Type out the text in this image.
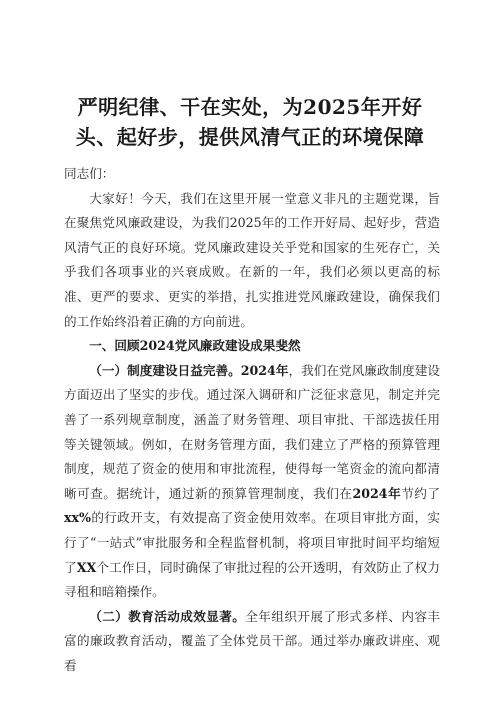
严明纪律、干在实处，为2025年开好头、起好步，提供风清气正的环境保障

同志们：

大家好！今天，我们在这里开展一堂意义非凡的主题党课，旨在聚焦党风廉政建设，为我们2025年的工作开好局、起好步，营造风清气正的良好环境。党风廉政建设关乎党和国家的生死存亡，关乎我们各项事业的兴衰成败。在新的一年，我们必须以更高的标准、更严的要求、更实的举措，扎实推进党风廉政建设，确保我们的工作始终沿着正确的方向前进。

一、回顾2024党风廉政建设成果斐然

（一）制度建设日益完善。2024年，我们在党风廉政制度建设方面迈出了坚实的步伐。通过深入调研和广泛征求意见，制定并完善了一系列规章制度，涵盖了财务管理、项目审批、干部选拔任用等关键领域。例如，在财务管理方面，我们建立了严格的预算管理制度，规范了资金的使用和审批流程，使得每一笔资金的流向都清晰可查。据统计，通过新的预算管理制度，我们在2024年节约了xx%的行政开支，有效提高了资金使用效率。在项目审批方面，实行了“一站式”审批服务和全程监督机制，将项目审批时间平均缩短了XX个工作日，同时确保了审批过程的公开透明，有效防止了权力寻租和暗箱操作。

（二）教育活动成效显著。全年组织开展了形式多样、内容丰富的廉政教育活动，覆盖了全体党员干部。通过举办廉政讲座、观看
